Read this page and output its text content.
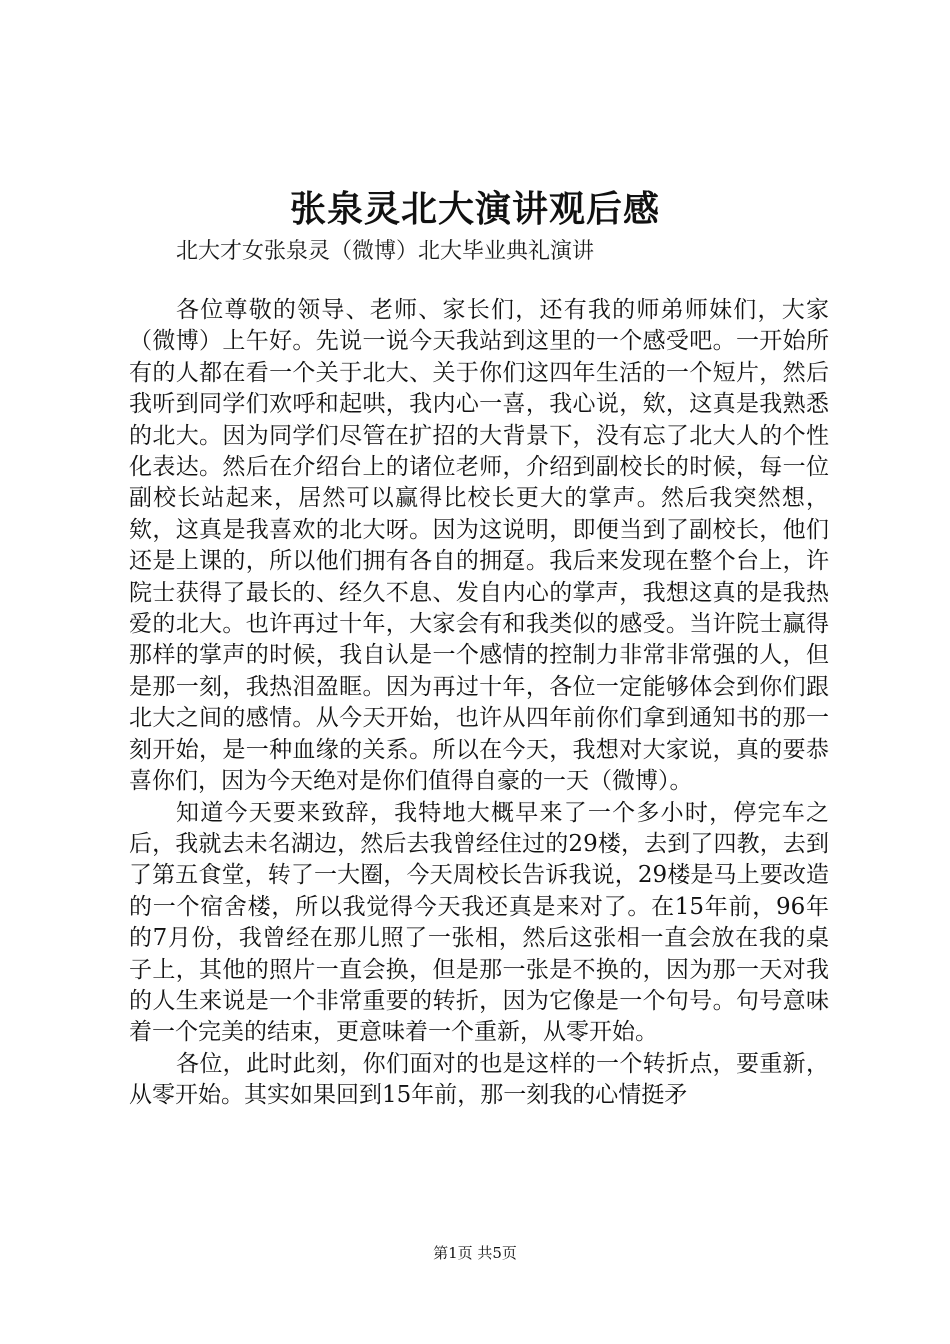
张泉灵北大演讲观后感
北大才女张泉灵（微博）北大毕业典礼演讲

各位尊敬的领导、老师、家长们，还有我的师弟师妹们，大家（微博）上午好。先说一说今天我站到这里的一个感受吧。一开始所有的人都在看一个关于北大、关于你们这四年生活的一个短片，然后我听到同学们欢呼和起哄，我内心一喜，我心说，欸，这真是我熟悉的北大。因为同学们尽管在扩招的大背景下，没有忘了北大人的个性化表达。然后在介绍台上的诸位老师，介绍到副校长的时候，每一位副校长站起来，居然可以赢得比校长更大的掌声。然后我突然想，欸，这真是我喜欢的北大呀。因为这说明，即便当到了副校长，他们还是上课的，所以他们拥有各自的拥趸。我后来发现在整个台上，许院士获得了最长的、经久不息、发自内心的掌声，我想这真的是我热爱的北大。也许再过十年，大家会有和我类似的感受。当许院士赢得那样的掌声的时候，我自认是一个感情的控制力非常非常强的人，但是那一刻，我热泪盈眶。因为再过十年，各位一定能够体会到你们跟北大之间的感情。从今天开始，也许从四年前你们拿到通知书的那一刻开始，是一种血缘的关系。所以在今天，我想对大家说，真的要恭喜你们，因为今天绝对是你们值得自豪的一天（微博）。

知道今天要来致辞，我特地大概早来了一个多小时，停完车之后，我就去未名湖边，然后去我曾经住过的29楼，去到了四教，去到了第五食堂，转了一大圈，今天周校长告诉我说，29楼是马上要改造的一个宿舍楼，所以我觉得今天我还真是来对了。在15年前，96年的7月份，我曾经在那儿照了一张相，然后这张相一直会放在我的桌子上，其他的照片一直会换，但是那一张是不换的，因为那一天对我的人生来说是一个非常重要的转折，因为它像是一个句号。句号意味着一个完美的结束，更意味着一个重新，从零开始。

各位，此时此刻，你们面对的也是这样的一个转折点，要重新，从零开始。其实如果回到15年前，那一刻我的心情挺矛

第1页 共5页
